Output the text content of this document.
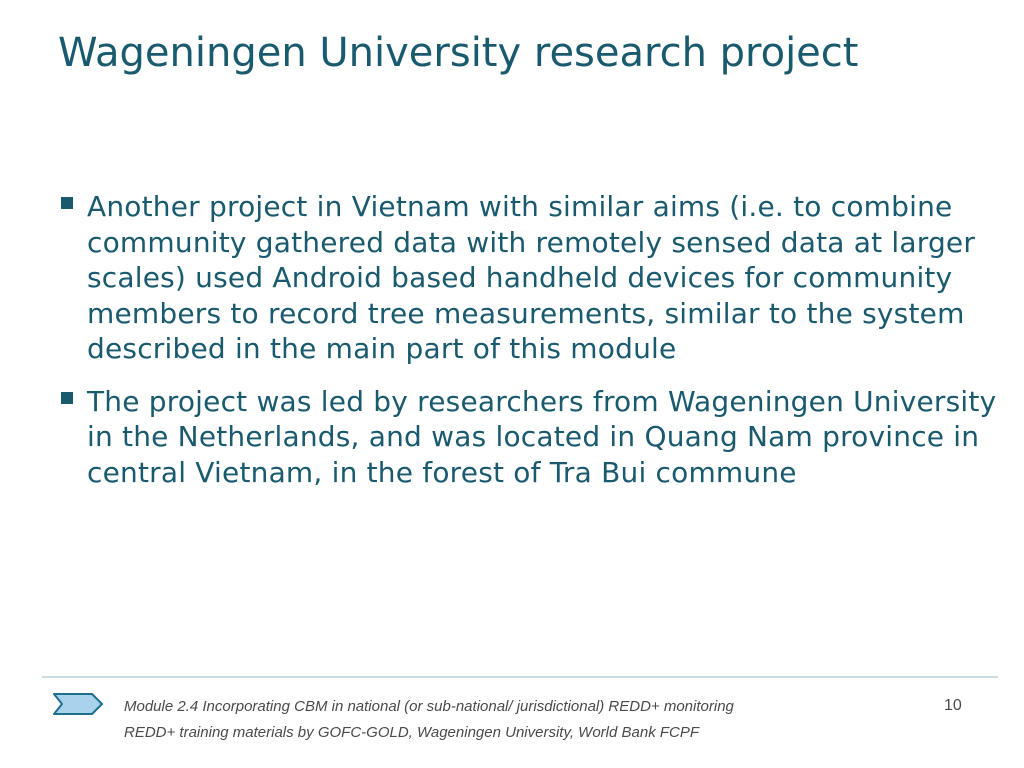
Wageningen University research project
Another project in Vietnam with similar aims (i.e. to combine community gathered data with remotely sensed data at larger scales) used Android based handheld devices for community members to record tree measurements, similar to the system described in the main part of this module
The project was led by researchers from Wageningen University in the Netherlands, and was located in Quang Nam province in central Vietnam, in the forest of Tra Bui commune
Module 2.4 Incorporating CBM in national (or sub-national/ jurisdictional) REDD+ monitoring
REDD+ training materials by GOFC-GOLD, Wageningen University, World Bank FCPF
10
